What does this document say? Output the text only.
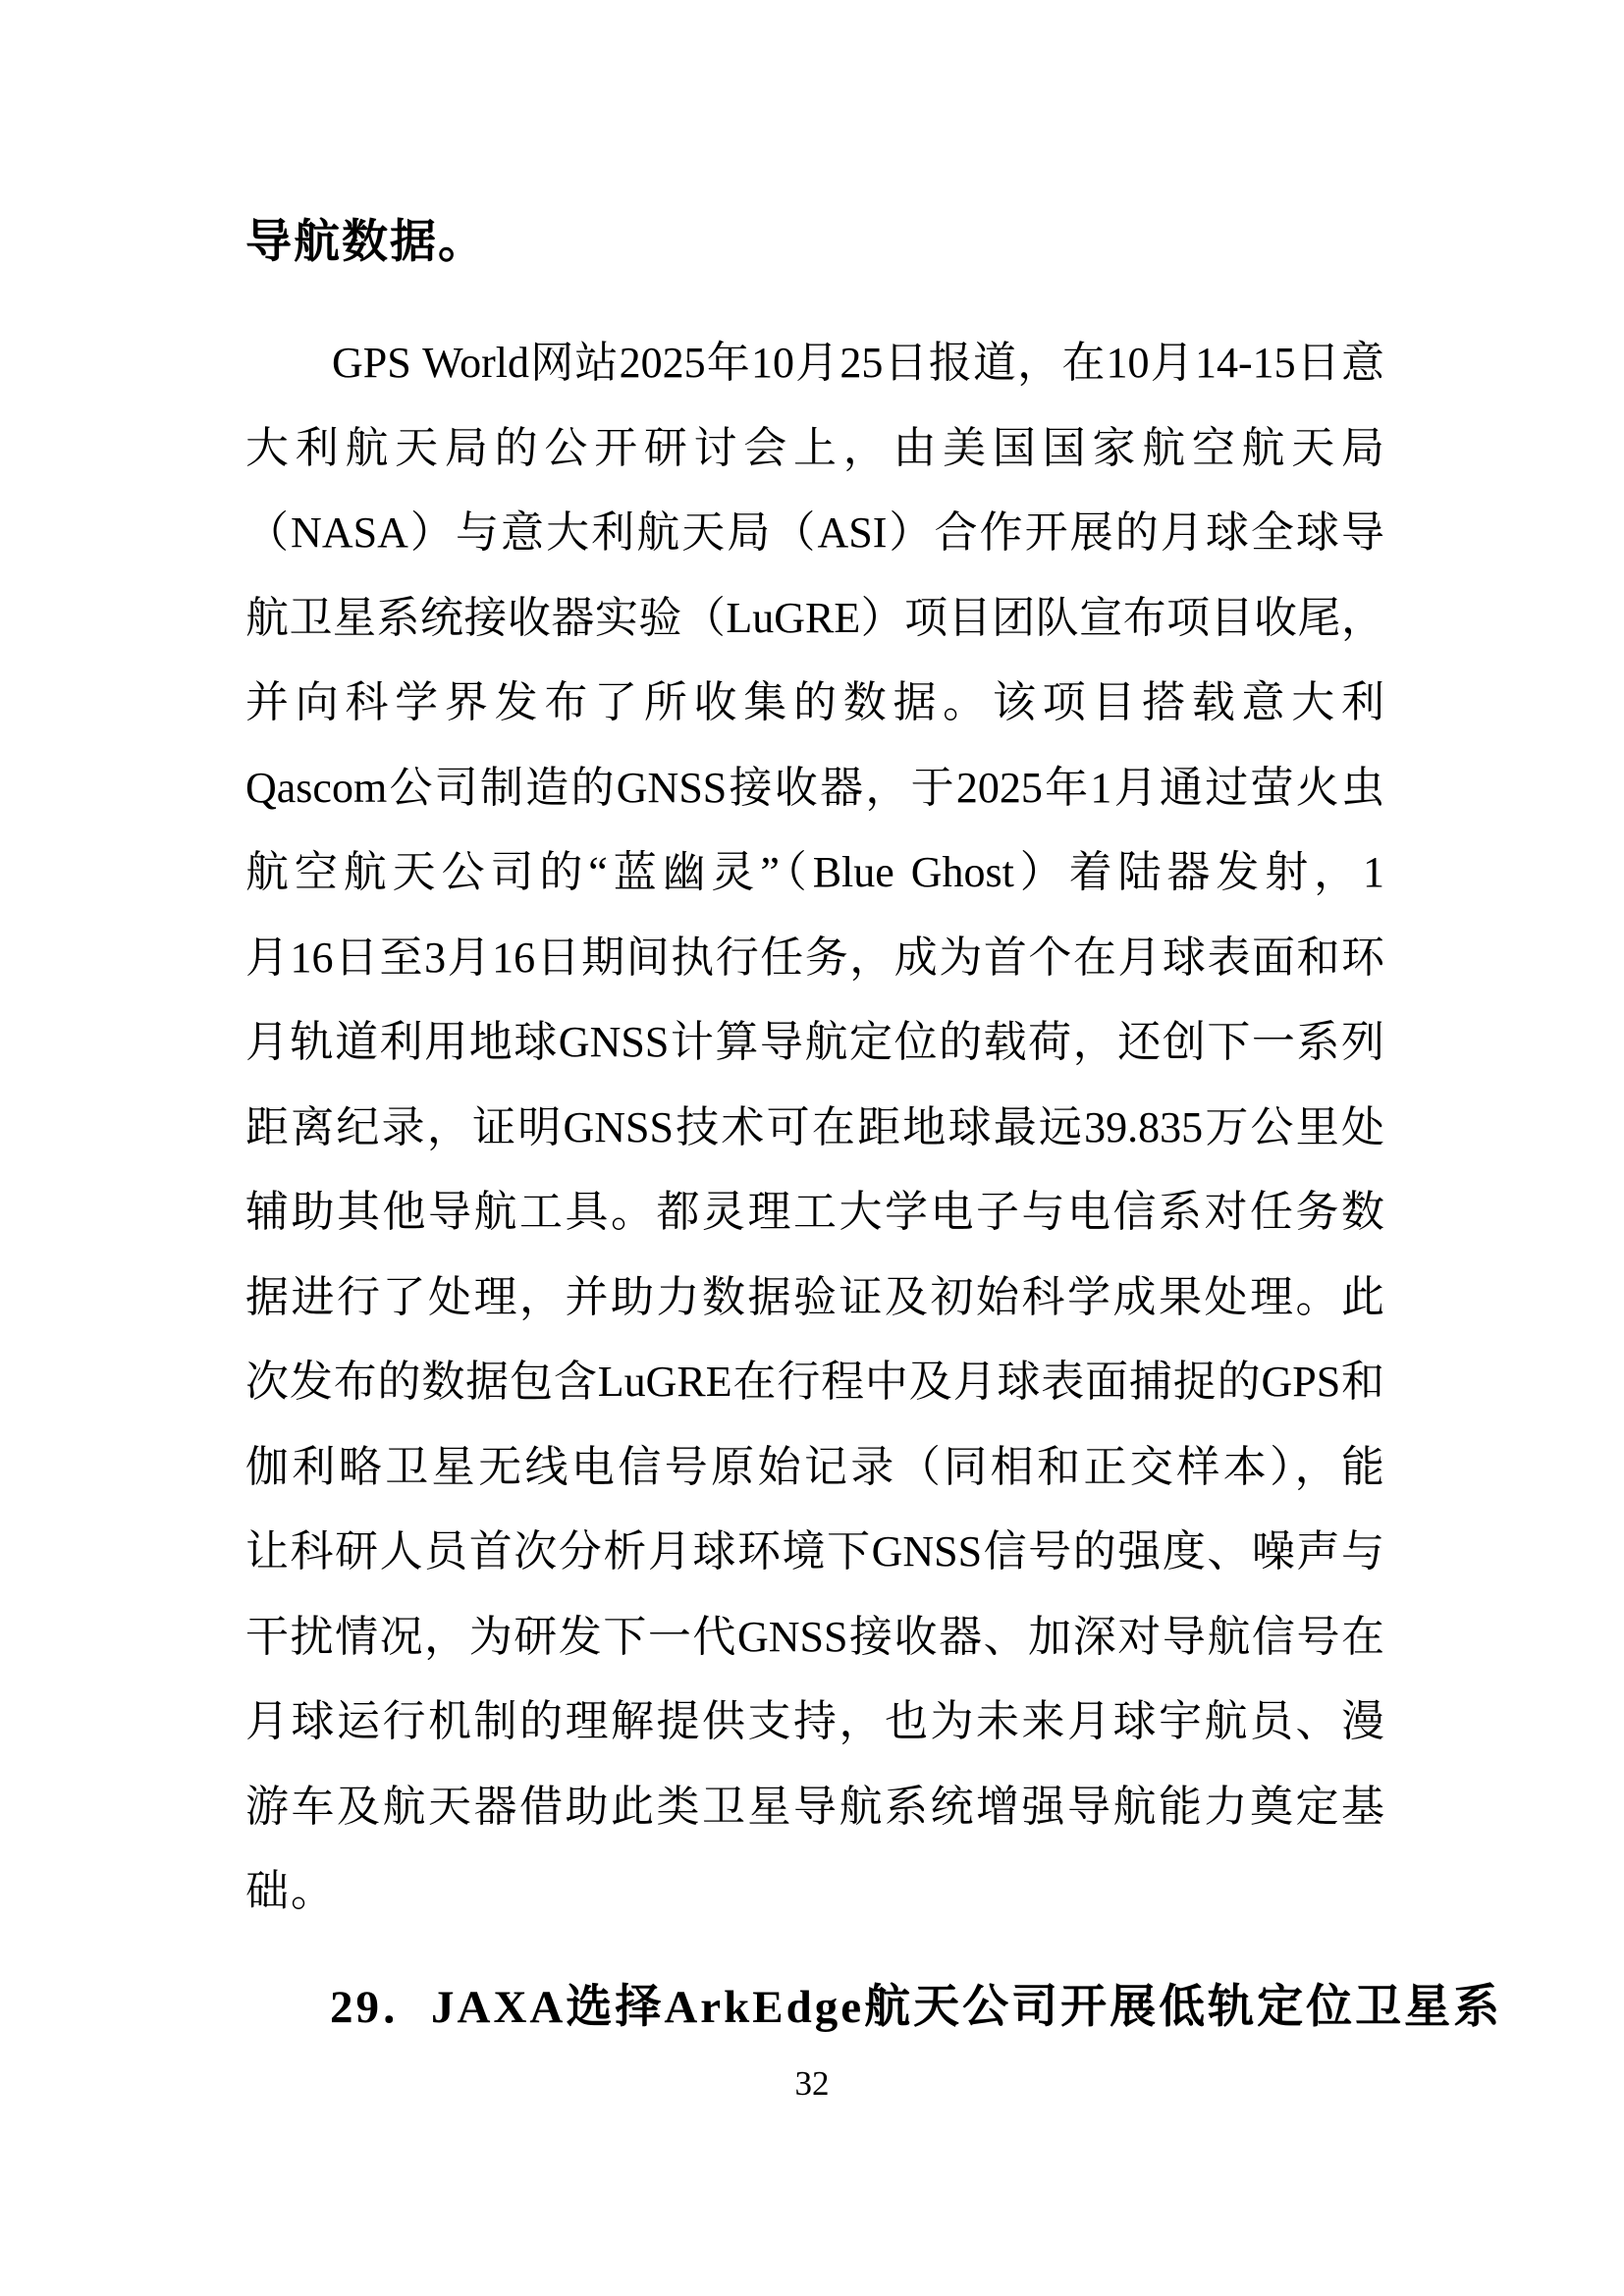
导航数据。
GPS World网站2025年10月25日报道，在10月14-15日意
大利航天局的公开研讨会上，由美国国家航空航天局
（NASA）与意大利航天局（ASI）合作开展的月球全球导
航卫星系统接收器实验（LuGRE）项目团队宣布项目收尾，
并向科学界发布了所收集的数据。该项目搭载意大利
Qascom公司制造的GNSS接收器，于2025年1月通过萤火虫
航空航天公司的“蓝幽灵”（Blue Ghost）着陆器发射，1
月16日至3月16日期间执行任务，成为首个在月球表面和环
月轨道利用地球GNSS计算导航定位的载荷，还创下一系列
距离纪录，证明GNSS技术可在距地球最远39.835万公里处
辅助其他导航工具。都灵理工大学电子与电信系对任务数
据进行了处理，并助力数据验证及初始科学成果处理。此
次发布的数据包含LuGRE在行程中及月球表面捕捉的GPS和
伽利略卫星无线电信号原始记录（同相和正交样本），能
让科研人员首次分析月球环境下GNSS信号的强度、噪声与
干扰情况，为研发下一代GNSS接收器、加深对导航信号在
月球运行机制的理解提供支持，也为未来月球宇航员、漫
游车及航天器借助此类卫星导航系统增强导航能力奠定基
础。
29．JAXA选择ArkEdge航天公司开展低轨定位卫星系
32
